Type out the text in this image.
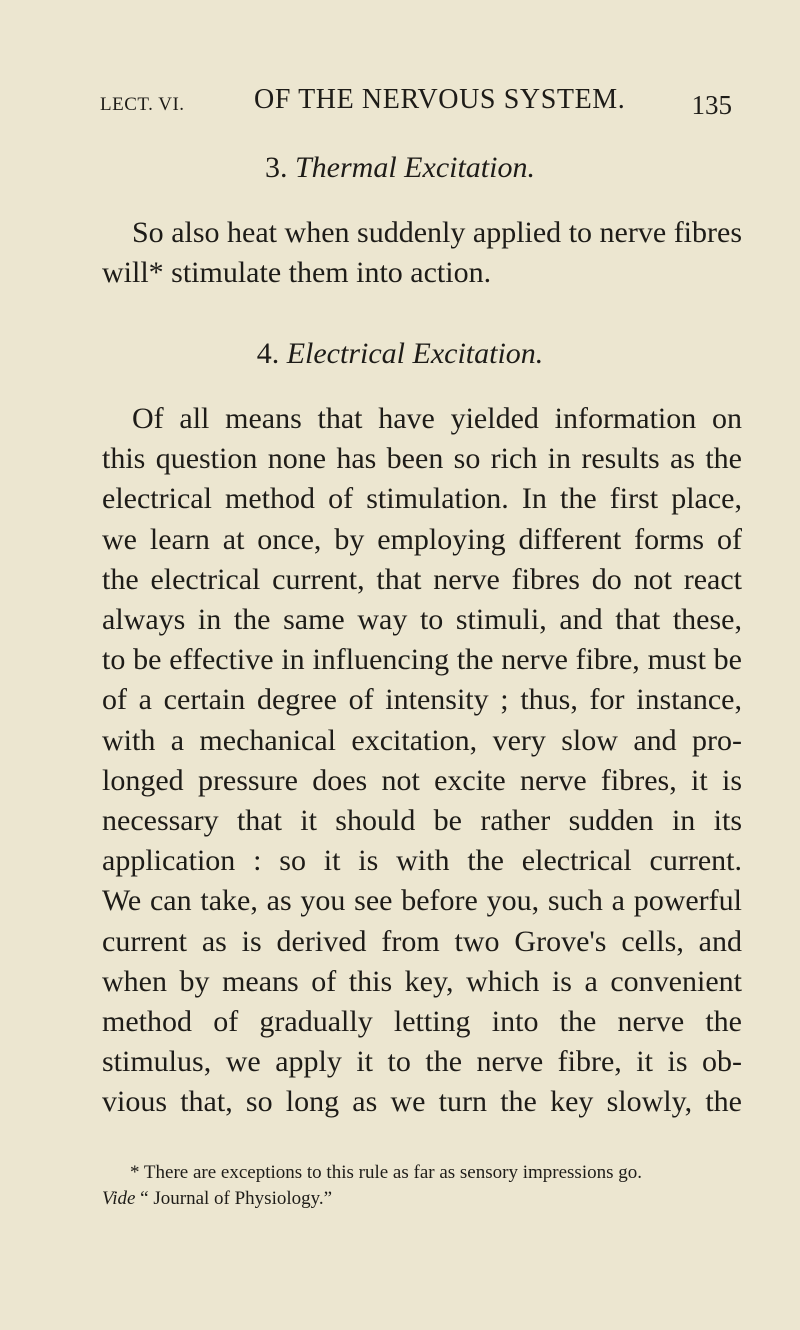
LECT. VI. OF THE NERVOUS SYSTEM. 135
3. Thermal Excitation.
So also heat when suddenly applied to nerve fibres
will* stimulate them into action.
4. Electrical Excitation.
Of all means that have yielded information on
this question none has been so rich in results as the
electrical method of stimulation. In the first place,
we learn at once, by employing different forms of
the electrical current, that nerve fibres do not react
always in the same way to stimuli, and that these,
to be effective in influencing the nerve fibre, must be
of a certain degree of intensity ; thus, for instance,
with a mechanical excitation, very slow and pro-
longed pressure does not excite nerve fibres, it is
necessary that it should be rather sudden in its
application : so it is with the electrical current.
We can take, as you see before you, such a powerful
current as is derived from two Grove's cells, and
when by means of this key, which is a convenient
method of gradually letting into the nerve the
stimulus, we apply it to the nerve fibre, it is ob-
vious that, so long as we turn the key slowly, the
* There are exceptions to this rule as far as sensory impressions go.
Vide “ Journal of Physiology.”
